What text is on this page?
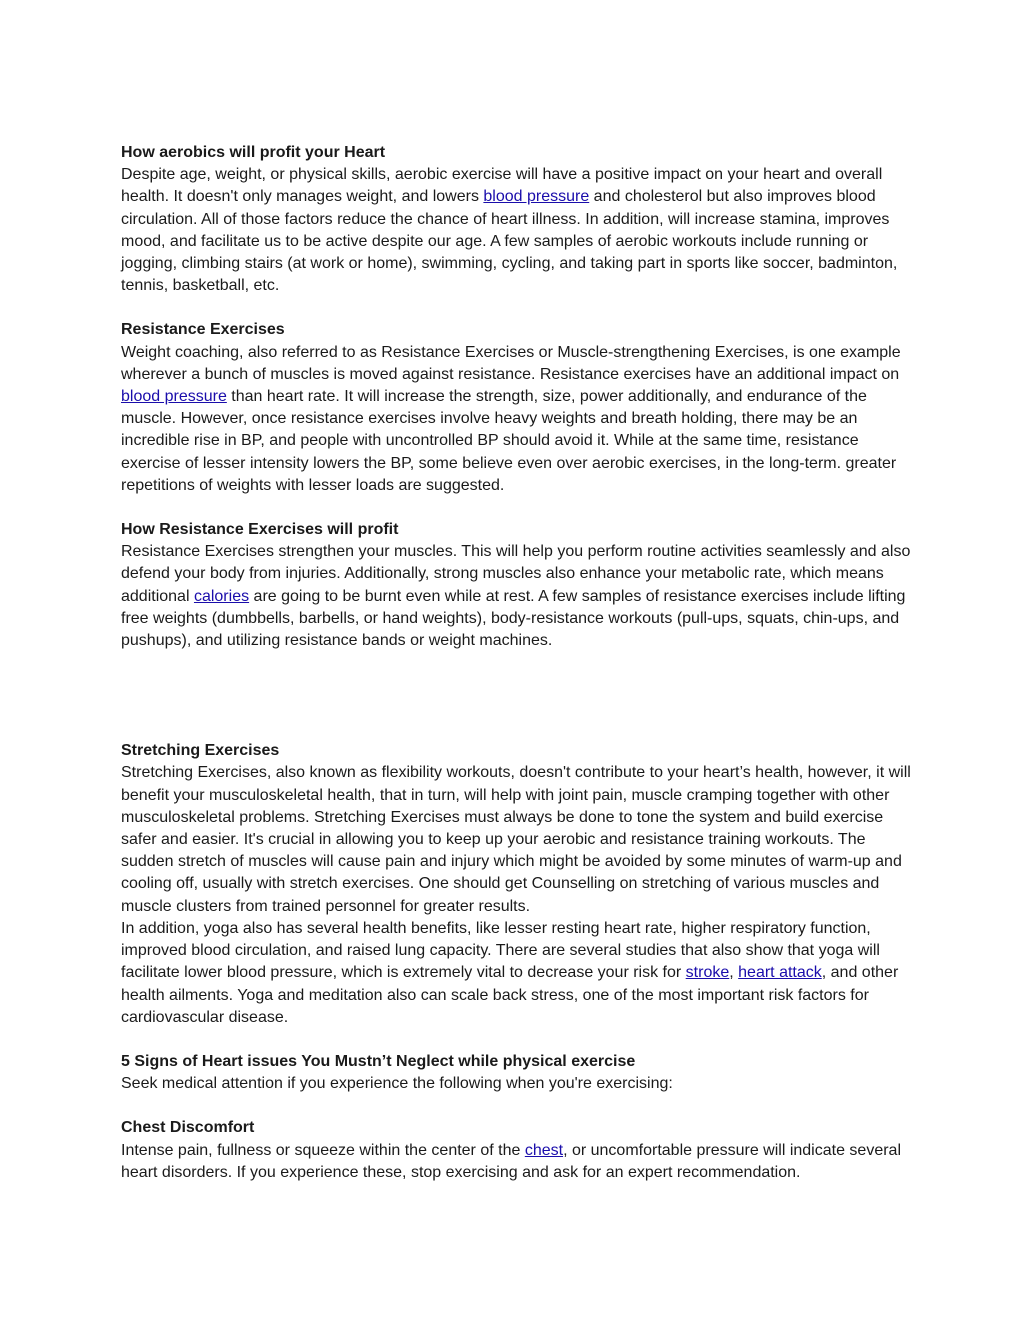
How aerobics will profit your Heart

Despite age, weight, or physical skills, aerobic exercise will have a positive impact on your heart and overall health. It doesn't only manages weight, and lowers blood pressure and cholesterol but also improves blood circulation. All of those factors reduce the chance of heart illness. In addition, will increase stamina, improves mood, and facilitate us to be active despite our age. A few samples of aerobic workouts include running or jogging, climbing stairs (at work or home), swimming, cycling, and taking part in sports like soccer, badminton, tennis, basketball, etc.

Resistance Exercises

Weight coaching, also referred to as Resistance Exercises or Muscle-strengthening Exercises, is one example wherever a bunch of muscles is moved against resistance. Resistance exercises have an additional impact on blood pressure than heart rate. It will increase the strength, size, power additionally, and endurance of the muscle. However, once resistance exercises involve heavy weights and breath holding, there may be an incredible rise in BP, and people with uncontrolled BP should avoid it. While at the same time, resistance exercise of lesser intensity lowers the BP, some believe even over aerobic exercises, in the long-term. greater repetitions of weights with lesser loads are suggested.

How Resistance Exercises will profit

Resistance Exercises strengthen your muscles. This will help you perform routine activities seamlessly and also defend your body from injuries. Additionally, strong muscles also enhance your metabolic rate, which means additional calories are going to be burnt even while at rest. A few samples of resistance exercises include lifting free weights (dumbbells, barbells, or hand weights), body-resistance workouts (pull-ups, squats, chin-ups, and pushups), and utilizing resistance bands or weight machines.

Stretching Exercises

Stretching Exercises, also known as flexibility workouts, doesn't contribute to your heart’s health, however, it will benefit your musculoskeletal health, that in turn, will help with joint pain, muscle cramping together with other musculoskeletal problems. Stretching Exercises must always be done to tone the system and build exercise safer and easier. It's crucial in allowing you to keep up your aerobic and resistance training workouts. The sudden stretch of muscles will cause pain and injury which might be avoided by some minutes of warm-up and cooling off, usually with stretch exercises. One should get Counselling on stretching of various muscles and muscle clusters from trained personnel for greater results.

In addition, yoga also has several health benefits, like lesser resting heart rate, higher respiratory function, improved blood circulation, and raised lung capacity. There are several studies that also show that yoga will facilitate lower blood pressure, which is extremely vital to decrease your risk for stroke, heart attack, and other health ailments. Yoga and meditation also can scale back stress, one of the most important risk factors for cardiovascular disease.

5 Signs of Heart issues You Mustn’t Neglect while physical exercise

Seek medical attention if you experience the following when you're exercising:

Chest Discomfort

Intense pain, fullness or squeeze within the center of the chest, or uncomfortable pressure will indicate several heart disorders. If you experience these, stop exercising and ask for an expert recommendation.
